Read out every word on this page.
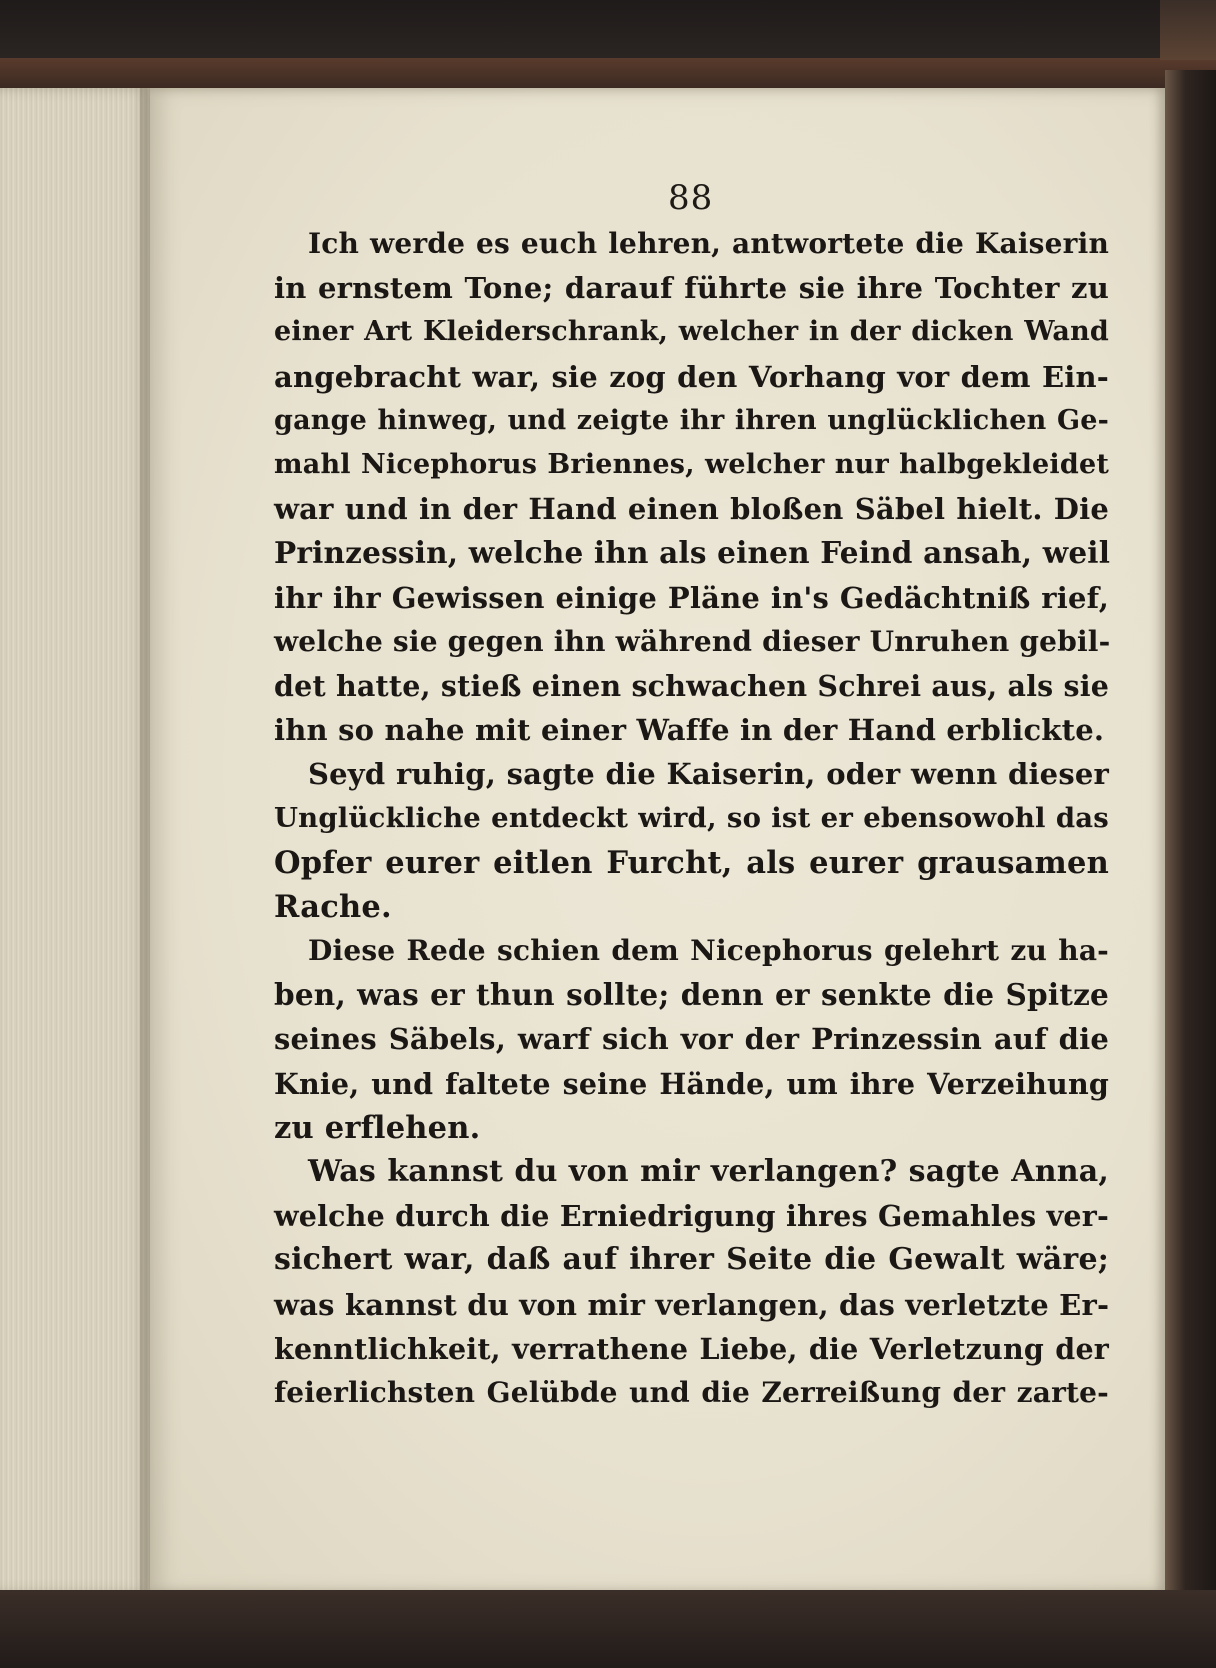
88
Ich werde es euch lehren, antwortete die Kaiserin
in ernstem Tone; darauf führte sie ihre Tochter zu
einer Art Kleiderschrank, welcher in der dicken Wand
angebracht war, sie zog den Vorhang vor dem Ein-
gange hinweg, und zeigte ihr ihren unglücklichen Ge-
mahl Nicephorus Briennes, welcher nur halbgekleidet
war und in der Hand einen bloßen Säbel hielt. Die
Prinzessin, welche ihn als einen Feind ansah, weil
ihr ihr Gewissen einige Pläne in's Gedächtniß rief,
welche sie gegen ihn während dieser Unruhen gebil-
det hatte, stieß einen schwachen Schrei aus, als sie
ihn so nahe mit einer Waffe in der Hand erblickte.
Seyd ruhig, sagte die Kaiserin, oder wenn dieser
Unglückliche entdeckt wird, so ist er ebensowohl das
Opfer eurer eitlen Furcht, als eurer grausamen
Rache.
Diese Rede schien dem Nicephorus gelehrt zu ha-
ben, was er thun sollte; denn er senkte die Spitze
seines Säbels, warf sich vor der Prinzessin auf die
Knie, und faltete seine Hände, um ihre Verzeihung
zu erflehen.
Was kannst du von mir verlangen? sagte Anna,
welche durch die Erniedrigung ihres Gemahles ver-
sichert war, daß auf ihrer Seite die Gewalt wäre;
was kannst du von mir verlangen, das verletzte Er-
kenntlichkeit, verrathene Liebe, die Verletzung der
feierlichsten Gelübde und die Zerreißung der zarte-
